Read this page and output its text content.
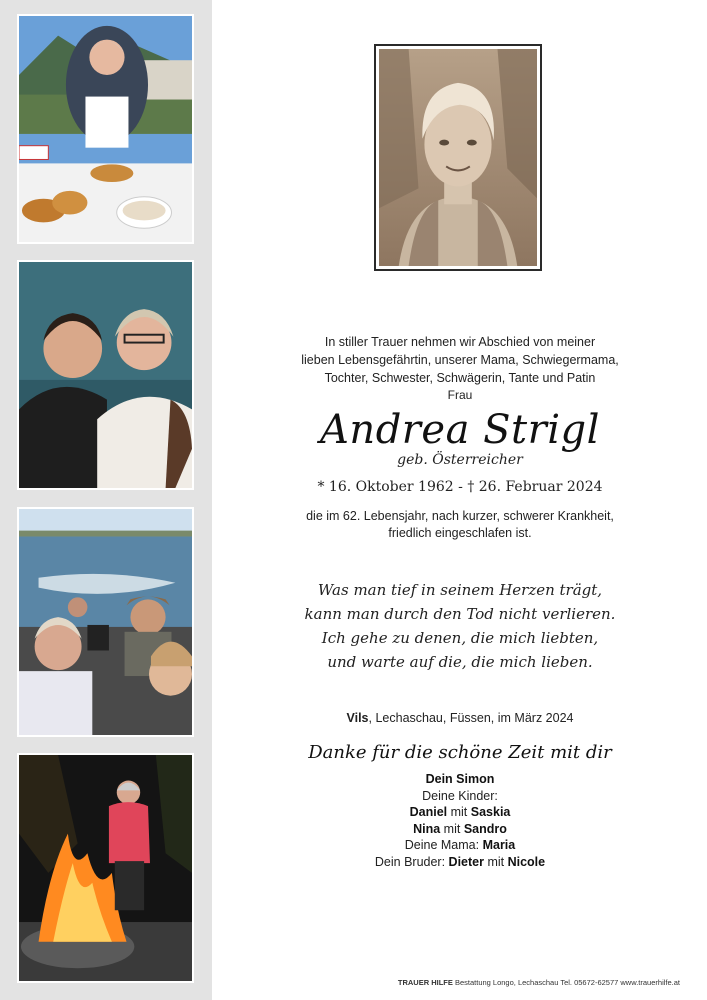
In stiller Trauer nehmen wir Abschied von meiner

lieben Lebensgefährtin, unserer Mama, Schwiegermama,

Tochter, Schwester, Schwägerin, Tante und Patin

Frau
Andrea Strigl
geb. Österreicher
* 16. Oktober 1962 - † 26. Februar 2024

die im 62. Lebensjahr, nach kurzer, schwerer Krankheit,

friedlich eingeschlafen ist.

Was man tief in seinem Herzen trägt,

kann man durch den Tod nicht verlieren.

Ich gehe zu denen, die mich liebten,

und warte auf die, die mich lieben.

Vils, Lechaschau, Füssen, im März 2024
Danke für die schöne Zeit mit dir
Dein Simon
Deine Kinder:
Daniel mit Saskia
Nina mit Sandro
Deine Mama: Maria
Dein Bruder: Dieter mit Nicole
TRAUER HILFE Bestattung Longo, Lechaschau Tel. 05672-62577 www.trauerhilfe.at
